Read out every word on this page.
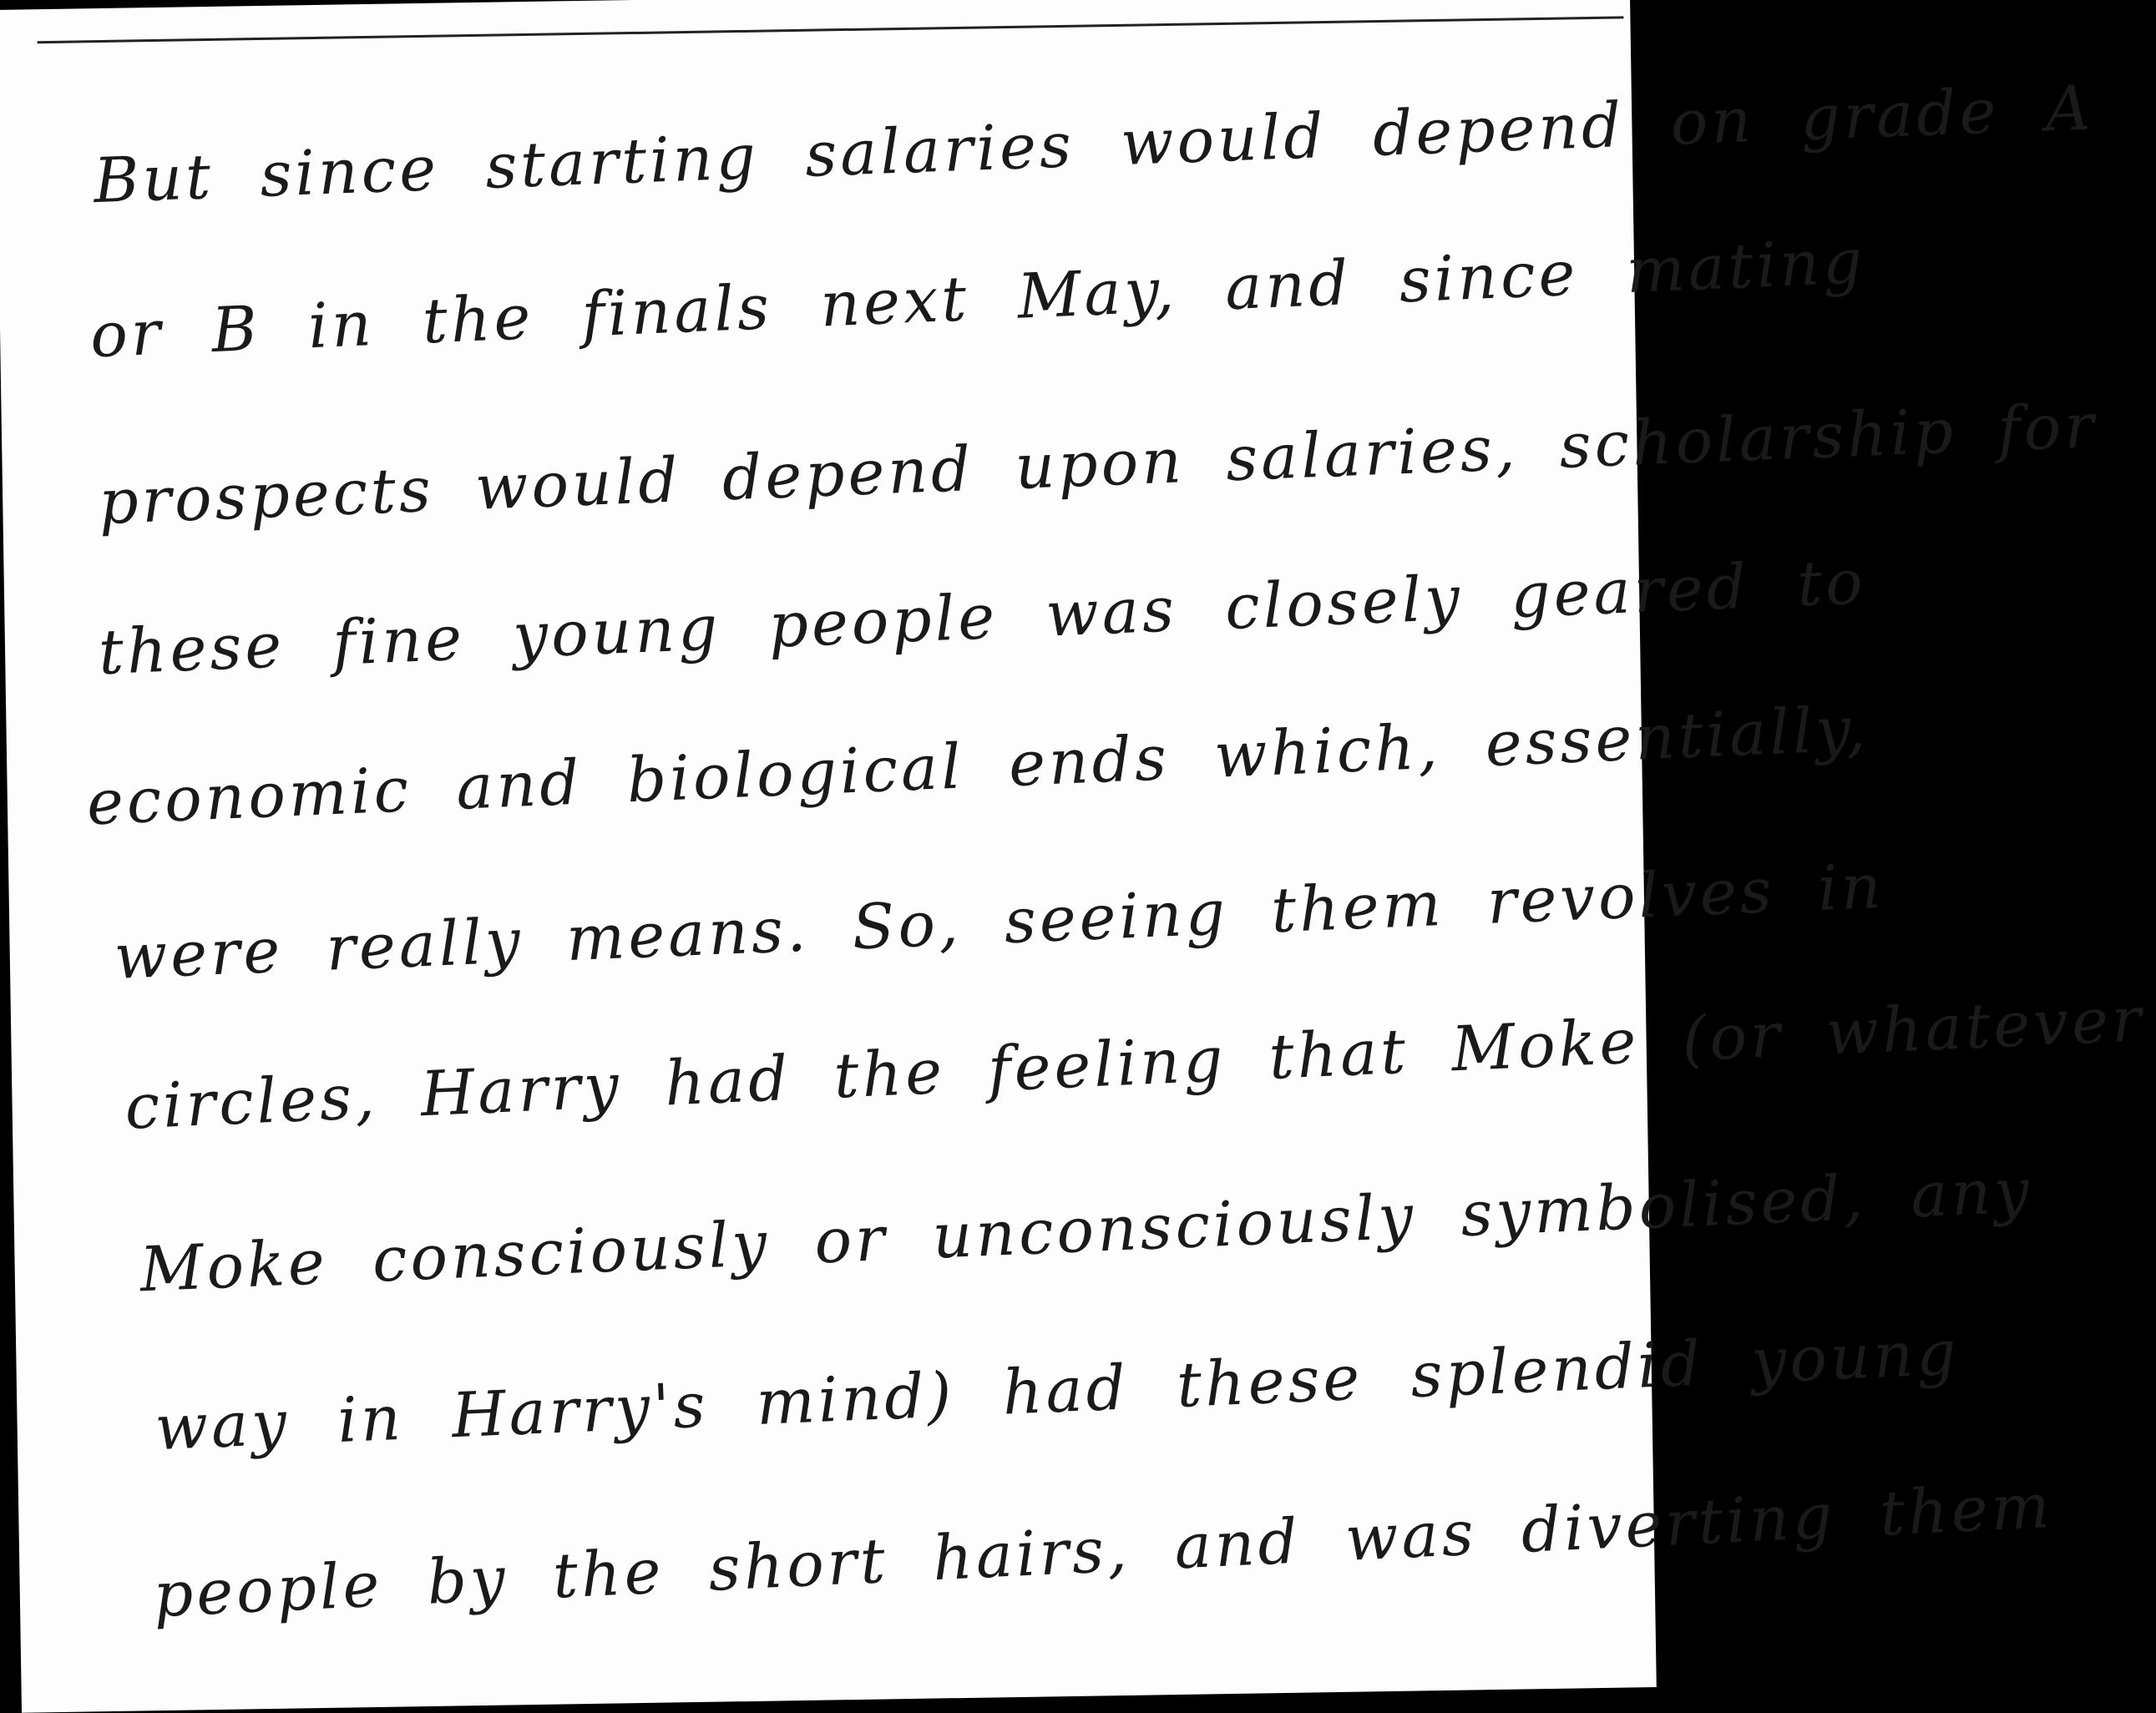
But since starting salaries would depend on grade A
or B in the finals next May, and since mating
prospects would depend upon salaries, scholarship for
these fine young people was closely geared to
economic and biological ends which, essentially,
were really means. So, seeing them revolves in
circles, Harry had the feeling that Moke (or whatever
Moke consciously or unconsciously symbolised, any
way in Harry's mind) had these splendid young
people by the short hairs, and was diverting them
